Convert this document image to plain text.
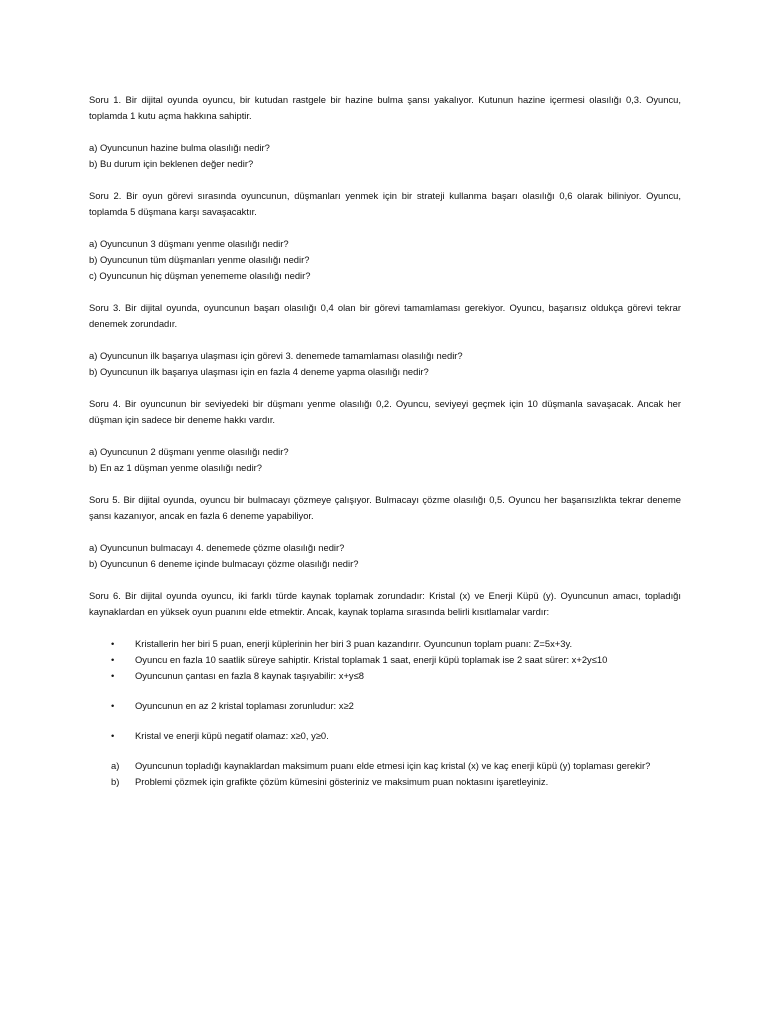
Soru 1. Bir dijital oyunda oyuncu, bir kutudan rastgele bir hazine bulma şansı yakalıyor. Kutunun hazine içermesi olasılığı 0,3. Oyuncu, toplamda 1 kutu açma hakkına sahiptir.

a) Oyuncunun hazine bulma olasılığı nedir?

b) Bu durum için beklenen değer nedir?

Soru 2. Bir oyun görevi sırasında oyuncunun, düşmanları yenmek için bir strateji kullanma başarı olasılığı 0,6 olarak biliniyor. Oyuncu, toplamda 5 düşmana karşı savaşacaktır.

a) Oyuncunun 3 düşmanı yenme olasılığı nedir?

b) Oyuncunun tüm düşmanları yenme olasılığı nedir?

c) Oyuncunun hiç düşman yenememe olasılığı nedir?

Soru 3. Bir dijital oyunda, oyuncunun başarı olasılığı 0,4 olan bir görevi tamamlaması gerekiyor. Oyuncu, başarısız oldukça görevi tekrar denemek zorundadır.

a) Oyuncunun ilk başarıya ulaşması için görevi 3. denemede tamamlaması olasılığı nedir?

b) Oyuncunun ilk başarıya ulaşması için en fazla 4 deneme yapma olasılığı nedir?

Soru 4. Bir oyuncunun bir seviyedeki bir düşmanı yenme olasılığı 0,2. Oyuncu, seviyeyi geçmek için 10 düşmanla savaşacak. Ancak her düşman için sadece bir deneme hakkı vardır.

a) Oyuncunun 2 düşmanı yenme olasılığı nedir?

b) En az 1 düşman yenme olasılığı nedir?

Soru 5. Bir dijital oyunda, oyuncu bir bulmacayı çözmeye çalışıyor. Bulmacayı çözme olasılığı 0,5. Oyuncu her başarısızlıkta tekrar deneme şansı kazanıyor, ancak en fazla 6 deneme yapabiliyor.

a) Oyuncunun bulmacayı 4. denemede çözme olasılığı nedir?

b) Oyuncunun 6 deneme içinde bulmacayı çözme olasılığı nedir?

Soru 6. Bir dijital oyunda oyuncu, iki farklı türde kaynak toplamak zorundadır: Kristal (x) ve Enerji Küpü (y). Oyuncunun amacı, topladığı kaynaklardan en yüksek oyun puanını elde etmektir. Ancak, kaynak toplama sırasında belirli kısıtlamalar vardır:

• Kristallerin her biri 5 puan, enerji küplerinin her biri 3 puan kazandırır. Oyuncunun toplam puanı: Z=5x+3y.
• Oyuncu en fazla 10 saatlik süreye sahiptir. Kristal toplamak 1 saat, enerji küpü toplamak ise 2 saat sürer: x+2y≤10
• Oyuncunun çantası en fazla 8 kaynak taşıyabilir: x+y≤8
• Oyuncunun en az 2 kristal toplaması zorunludur: x≥2
• Kristal ve enerji küpü negatif olamaz: x≥0, y≥0.
a) Oyuncunun topladığı kaynaklardan maksimum puanı elde etmesi için kaç kristal (x) ve kaç enerji küpü (y) toplaması gerekir?
b) Problemi çözmek için grafikte çözüm kümesini gösteriniz ve maksimum puan noktasını işaretleyiniz.
